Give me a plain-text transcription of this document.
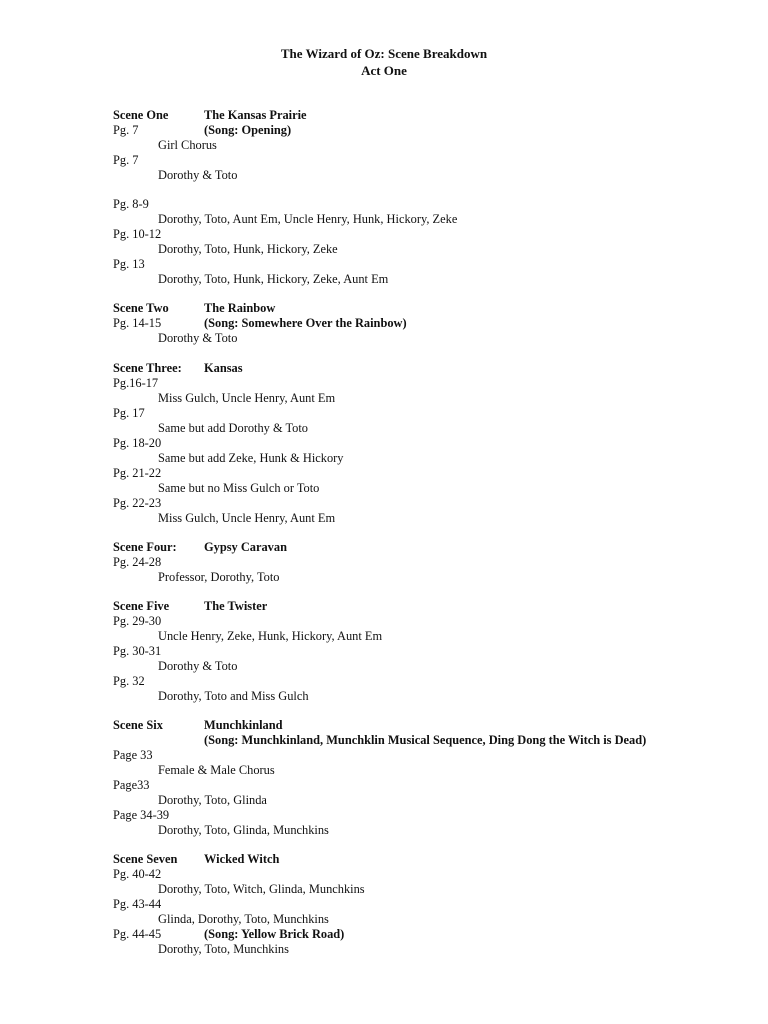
The Wizard of Oz: Scene Breakdown
Act One
Scene One	The Kansas Prairie
Pg. 7	(Song: Opening)
Girl Chorus
Pg. 7
Dorothy & Toto
Pg. 8-9
Dorothy, Toto, Aunt Em, Uncle Henry, Hunk, Hickory, Zeke
Pg. 10-12
Dorothy, Toto, Hunk, Hickory, Zeke
Pg. 13
Dorothy, Toto, Hunk, Hickory, Zeke, Aunt Em
Scene Two	The Rainbow
Pg. 14-15	(Song: Somewhere Over the Rainbow)
Dorothy & Toto
Scene Three: Kansas
Pg.16-17
Miss Gulch, Uncle Henry, Aunt Em
Pg. 17
Same but add Dorothy & Toto
Pg. 18-20
Same but add Zeke, Hunk & Hickory
Pg. 21-22
Same but no Miss Gulch or Toto
Pg. 22-23
Miss Gulch, Uncle Henry, Aunt Em
Scene Four: Gypsy Caravan
Pg. 24-28
Professor, Dorothy, Toto
Scene Five	The Twister
Pg. 29-30
Uncle Henry, Zeke, Hunk, Hickory, Aunt Em
Pg. 30-31
Dorothy & Toto
Pg. 32
Dorothy, Toto and Miss Gulch
Scene Six	Munchkinland
(Song: Munchkinland, Munchklin Musical Sequence, Ding Dong the Witch is Dead)
Page 33
Female & Male Chorus
Page33
Dorothy, Toto, Glinda
Page 34-39
Dorothy, Toto, Glinda, Munchkins
Scene Seven Wicked Witch
Pg. 40-42
Dorothy, Toto, Witch, Glinda, Munchkins
Pg. 43-44
Glinda, Dorothy, Toto, Munchkins
Pg. 44-45	(Song: Yellow Brick Road)
Dorothy, Toto, Munchkins
